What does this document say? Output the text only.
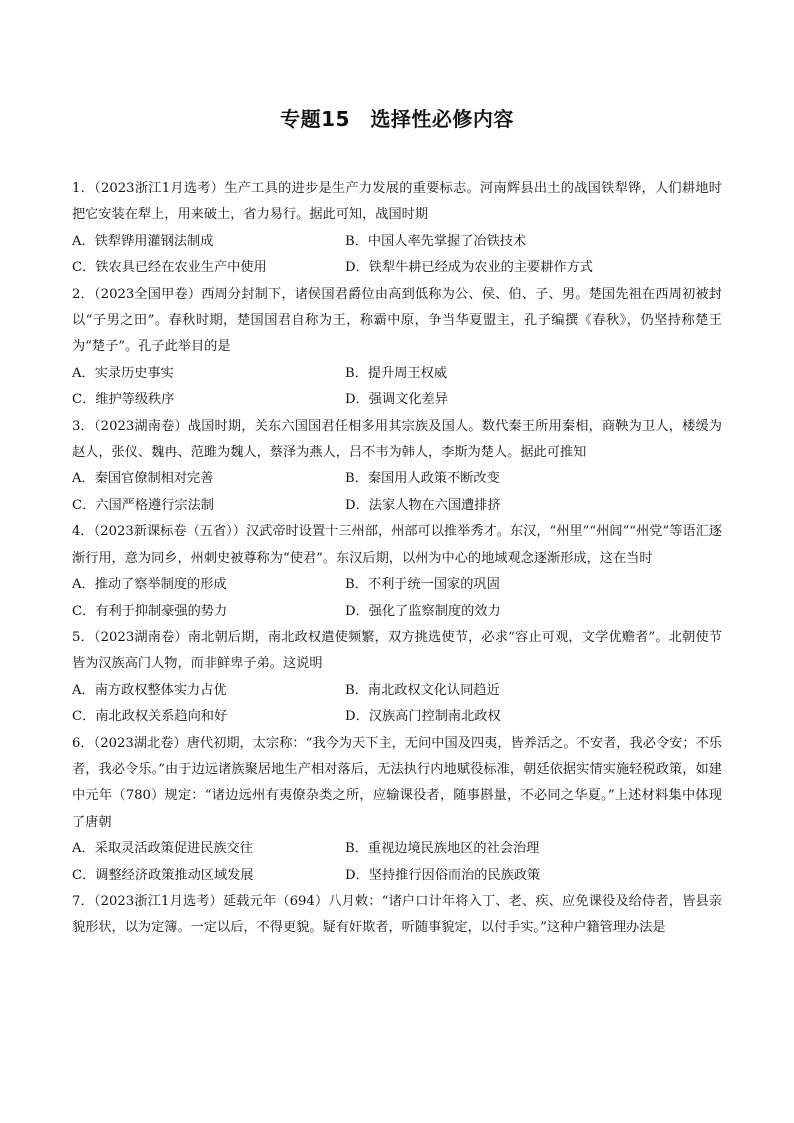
专题15　选择性必修内容

1．（2023浙江1月选考）生产工具的进步是生产力发展的重要标志。河南辉县出土的战国铁犁铧，人们耕地时把它安装在犁上，用来破土，省力易行。据此可知，战国时期

A．铁犁铧用灌钢法制成	B．中国人率先掌握了冶铁技术
C．铁农具已经在农业生产中使用	D．铁犁牛耕已经成为农业的主要耕作方式

2．（2023全国甲卷）西周分封制下，诸侯国君爵位由高到低称为公、侯、伯、子、男。楚国先祖在西周初被封以“子男之田”。春秋时期，楚国国君自称为王，称霸中原，争当华夏盟主，孔子编撰《春秋》，仍坚持称楚王为“楚子”。孔子此举目的是

A．实录历史事实	B．提升周王权威
C．维护等级秩序	D．强调文化差异

3．（2023湖南卷）战国时期，关东六国国君任相多用其宗族及国人。数代秦王所用秦相，商鞅为卫人，楼缓为赵人，张仪、魏冉、范雎为魏人，蔡泽为燕人，吕不韦为韩人，李斯为楚人。据此可推知

A．秦国官僚制相对完善	B．秦国用人政策不断改变
C．六国严格遵行宗法制	D．法家人物在六国遭排挤

4．（2023新课标卷（五省））汉武帝时设置十三州部，州部可以推举秀才。东汉，“州里”“州闾”“州党”等语汇逐渐行用，意为同乡，州刺史被尊称为“使君”。东汉后期，以州为中心的地域观念逐渐形成，这在当时

A．推动了察举制度的形成	B．不利于统一国家的巩固
C．有利于抑制豪强的势力	D．强化了监察制度的效力

5．（2023湖南卷）南北朝后期，南北政权遣使频繁，双方挑选使节，必求“容止可观，文学优赡者”。北朝使节皆为汉族高门人物，而非鲜卑子弟。这说明

A．南方政权整体实力占优	B．南北政权文化认同趋近
C．南北政权关系趋向和好	D．汉族高门控制南北政权

6．（2023湖北卷）唐代初期，太宗称：“我今为天下主，无问中国及四夷，皆养活之。不安者，我必令安；不乐者，我必令乐。”由于边远诸族聚居地生产相对落后，无法执行内地赋役标准，朝廷依据实情实施轻税政策，如建中元年（780）规定：“诸边远州有夷僚杂类之所，应输课役者，随事斟量，不必同之华夏。”上述材料集中体现了唐朝

A．采取灵活政策促进民族交往	B．重视边境民族地区的社会治理
C．调整经济政策推动区域发展	D．坚持推行因俗而治的民族政策

7．（2023浙江1月选考）延载元年（694）八月敕：“诸户口计年将入丁、老、疾、应免课役及给侍者，皆县亲貌形状，以为定簿。一定以后，不得更貌。疑有奸欺者，听随事貌定，以付手实。”这种户籍管理办法是
